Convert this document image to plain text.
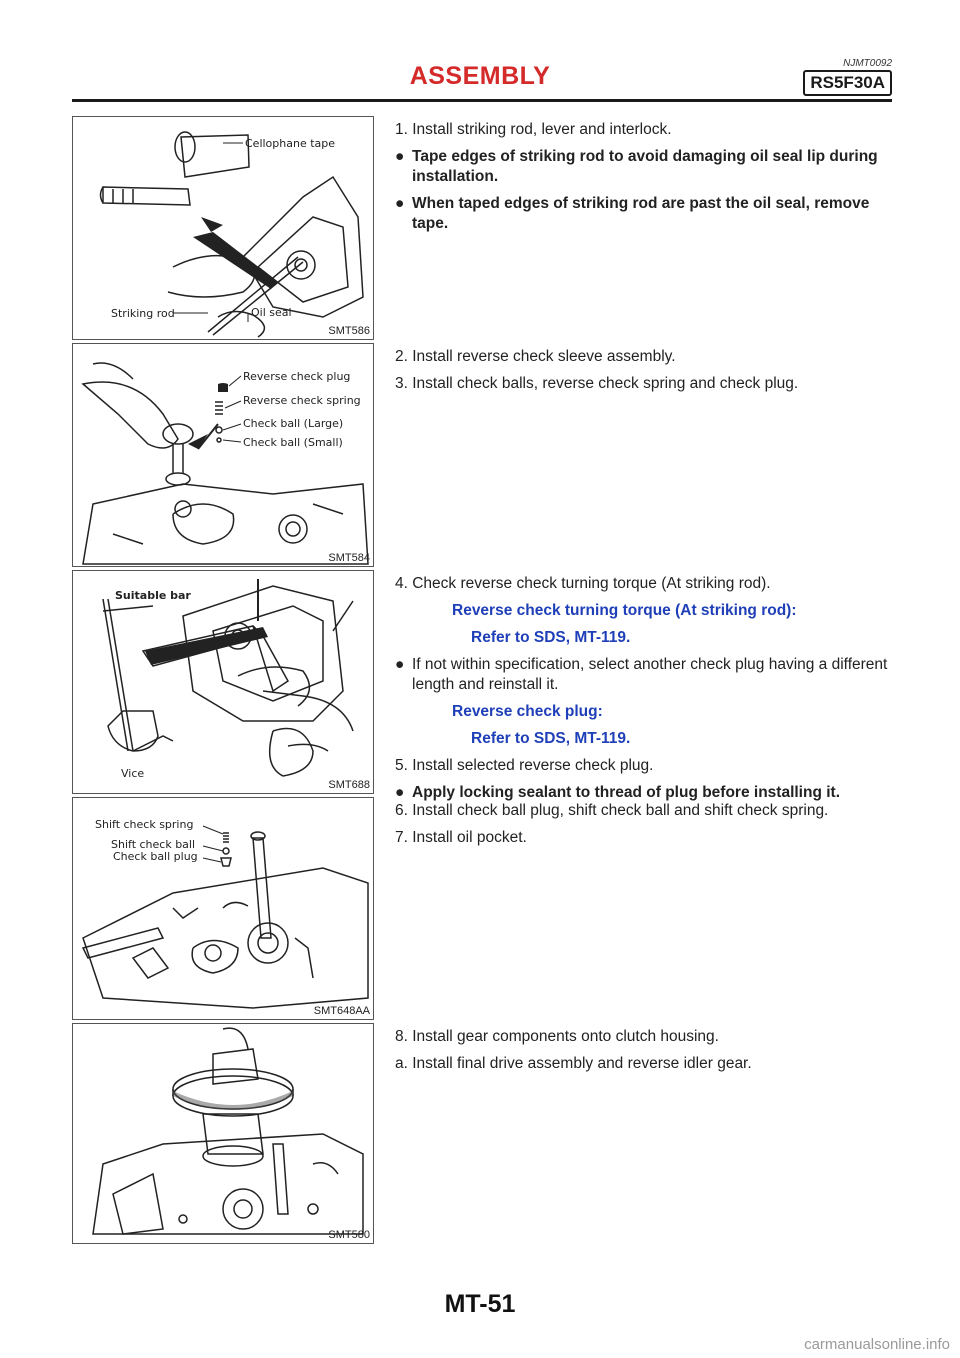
NJMT0092
ASSEMBLY	RS5F30A
Cellophane tape
Striking rod	Oil seal
SMT586
Reverse check plug
Reverse check spring
Check ball (Large)
Check ball (Small)
SMT584
Suitable bar
Vice
SMT688
Shift check spring
Shift check ball
Check ball plug
SMT648AA
SMT580
1. Install striking rod, lever and interlock.
● Tape edges of striking rod to avoid damaging oil seal lip during installation.
● When taped edges of striking rod are past the oil seal, remove tape.
2. Install reverse check sleeve assembly.
3. Install check balls, reverse check spring and check plug.
4. Check reverse check turning torque (At striking rod).
Reverse check turning torque (At striking rod):
Refer to SDS, MT-119.
● If not within specification, select another check plug having a different length and reinstall it.
Reverse check plug:
Refer to SDS, MT-119.
5. Install selected reverse check plug.
● Apply locking sealant to thread of plug before installing it.
6. Install check ball plug, shift check ball and shift check spring.
7. Install oil pocket.
8. Install gear components onto clutch housing.
a. Install final drive assembly and reverse idler gear.
MT-51
carmanualsonline.info
